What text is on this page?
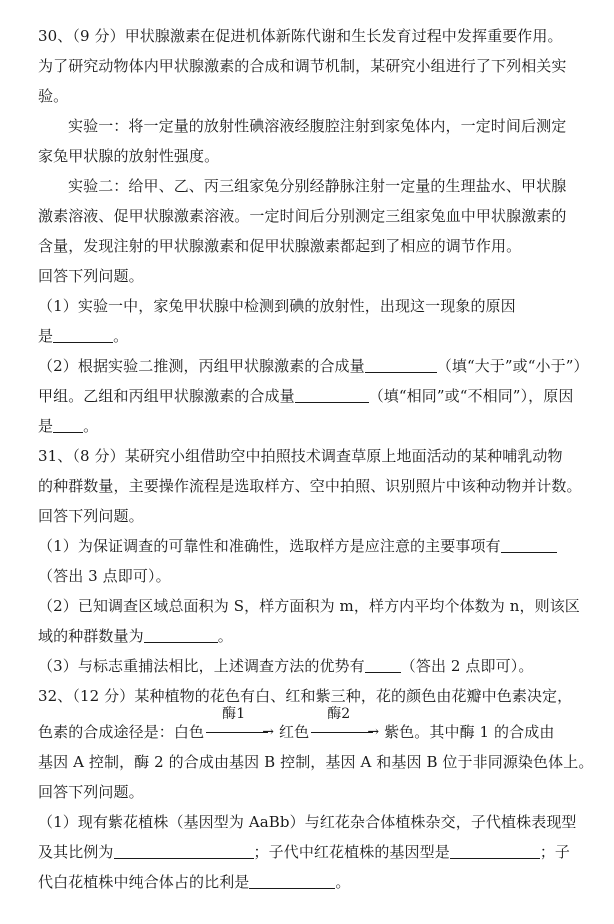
30、（9 分）甲状腺激素在促进机体新陈代谢和生长发育过程中发挥重要作用。
为了研究动物体内甲状腺激素的合成和调节机制，某研究小组进行了下列相关实
验。
实验一：将一定量的放射性碘溶液经腹腔注射到家兔体内，一定时间后测定
家兔甲状腺的放射性强度。
实验二：给甲、乙、丙三组家兔分别经静脉注射一定量的生理盐水、甲状腺
激素溶液、促甲状腺激素溶液。一定时间后分别测定三组家兔血中甲状腺激素的
含量，发现注射的甲状腺激素和促甲状腺激素都起到了相应的调节作用。
回答下列问题。
（1）实验一中，家兔甲状腺中检测到碘的放射性，出现这一现象的原因
是	。
（2）根据实验二推测，丙组甲状腺激素的合成量	（填“大于”或“小于”）
甲组。乙组和丙组甲状腺激素的合成量	（填“相同”或“不相同”），原因
是 。
31、（8 分）某研究小组借助空中拍照技术调查草原上地面活动的某种哺乳动物
的种群数量，主要操作流程是选取样方、空中拍照、识别照片中该种动物并计数。
回答下列问题。
（1）为保证调查的可靠性和准确性，选取样方是应注意的主要事项有
（答出 3 点即可）。
（2）已知调查区域总面积为 S，样方面积为 m，样方内平均个体数为 n，则该区
域的种群数量为	。
（3）与标志重捕法相比，上述调查方法的优势有 （答出 2 点即可）。
32、（12 分）某种植物的花色有白、红和紫三种，花的颜色由花瓣中色素决定，
色素的合成途径是：白色
酶1
→ 红色
酶2
→ 紫色。其中酶 1 的合成由
基因 A 控制，酶 2 的合成由基因 B 控制，基因 A 和基因 B 位于非同源染色体上。
回答下列问题。
（1）现有紫花植株（基因型为 AaBb）与红花杂合体植株杂交，子代植株表现型
及其比例为	；子代中红花植株的基因型是	；子
代白花植株中纯合体占的比利是	。
